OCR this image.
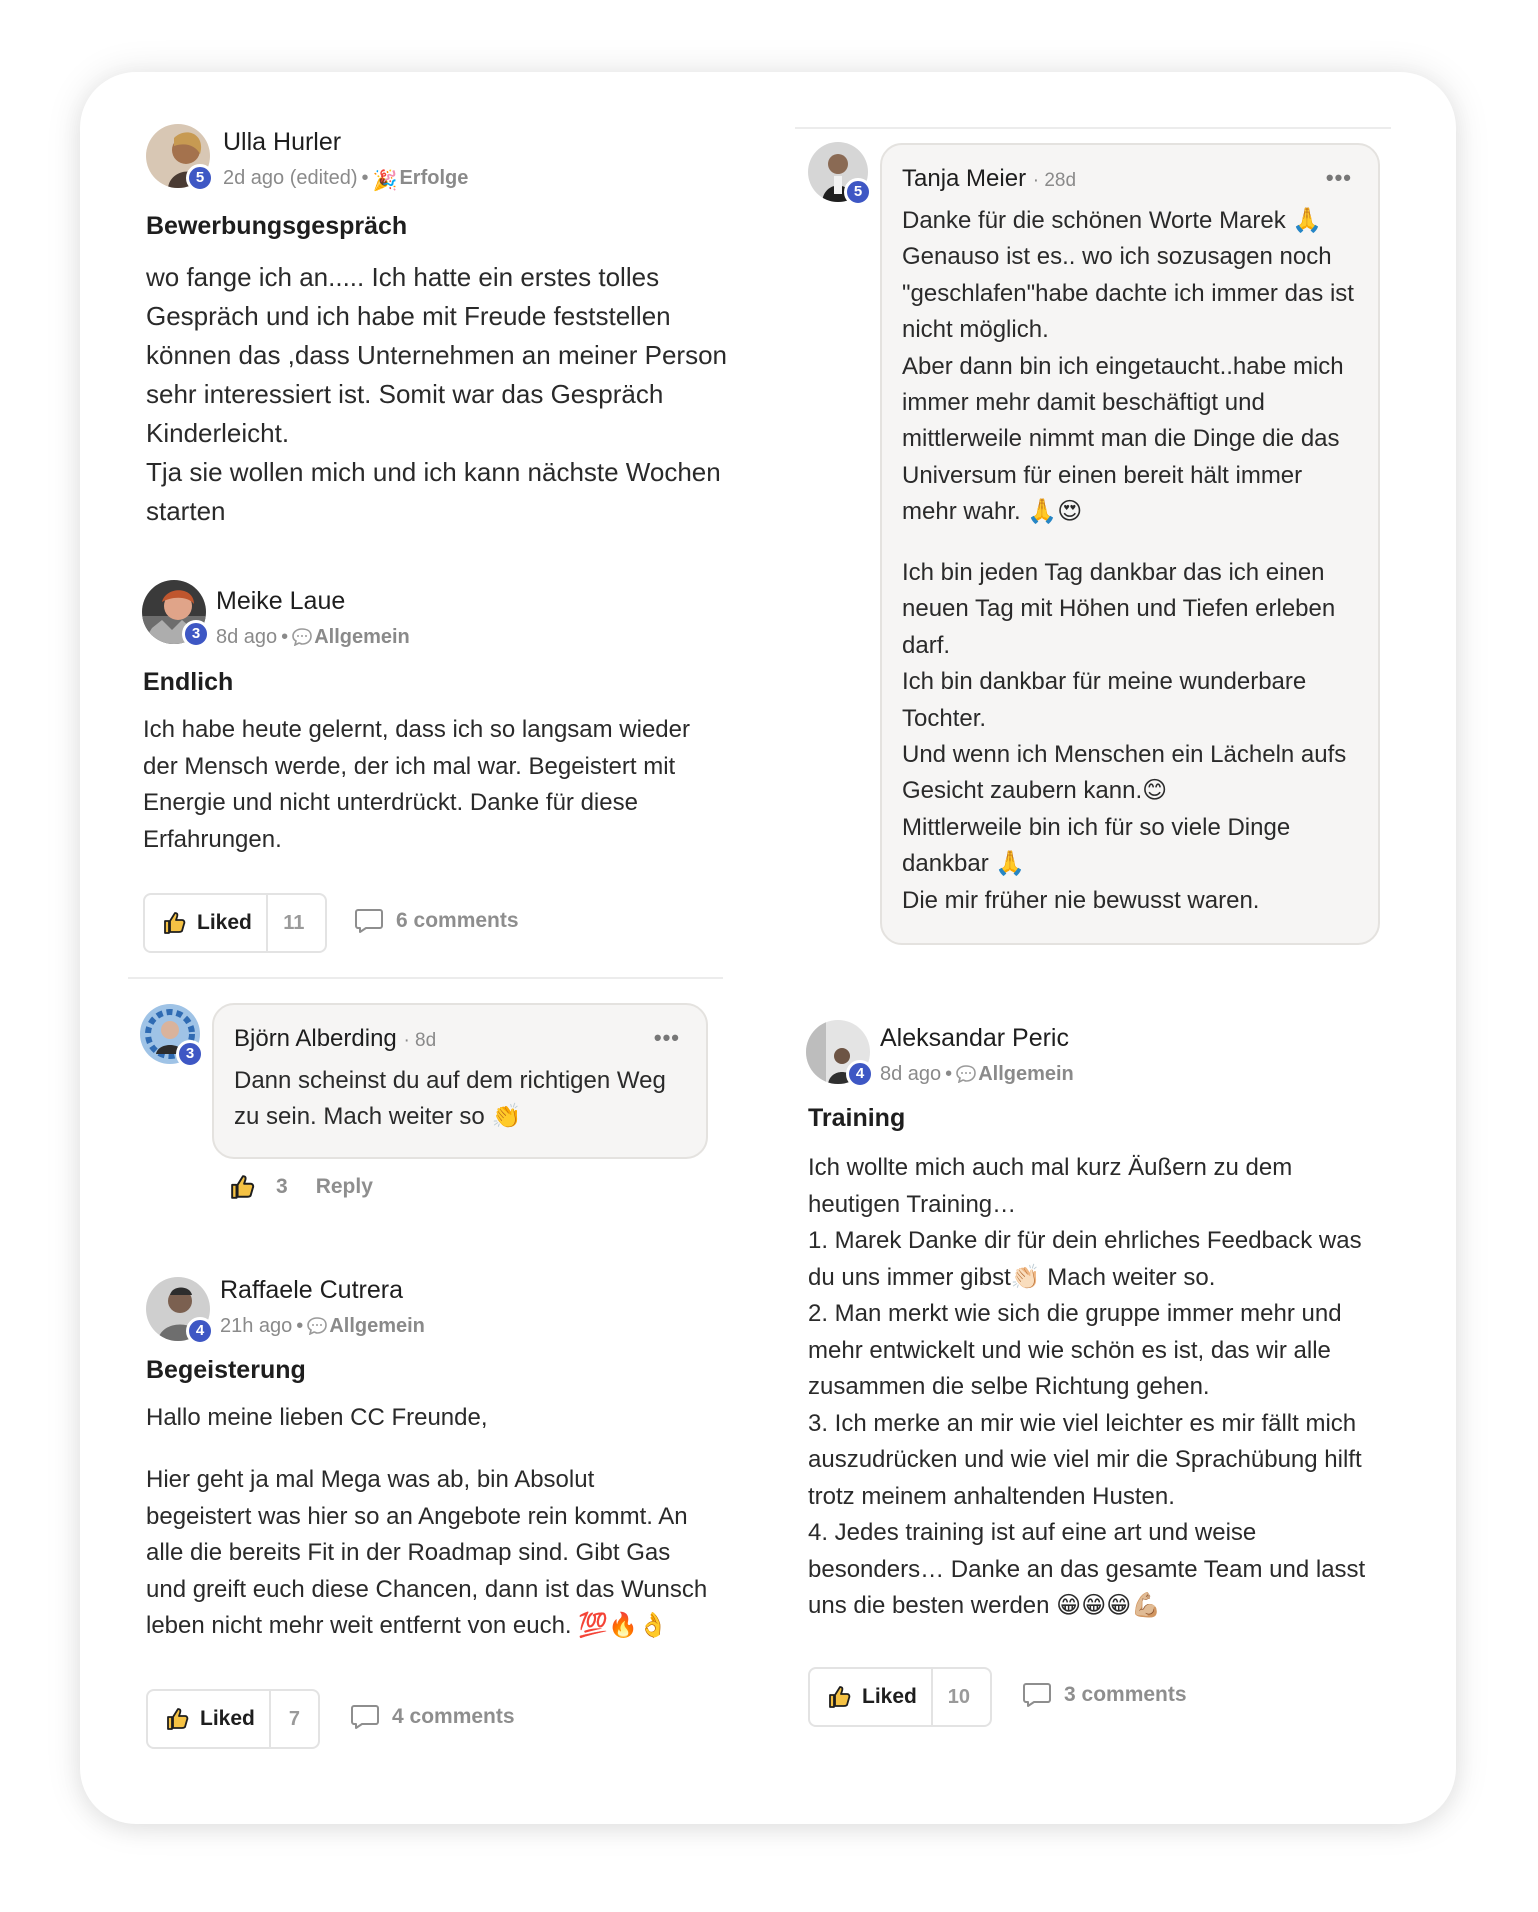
5
Ulla Hurler
2d ago (edited) • 🎉 Erfolge
Bewerbungsgespräch
wo fange ich an..... Ich hatte ein erstes tolles
Gespräch und ich habe mit Freude feststellen
können das ,dass Unternehmen an meiner Person
sehr interessiert ist. Somit war das Gespräch
Kinderleicht.
Tja sie wollen mich und ich kann nächste Wochen
starten
3
Meike Laue
8d ago • Allgemein
Endlich
Ich habe heute gelernt, dass ich so langsam wieder
der Mensch werde, der ich mal war. Begeistert mit
Energie und nicht unterdrückt. Danke für diese
Erfahrungen.
Liked	11	6 comments
3
Björn Alberding · 8d	•••
Dann scheinst du auf dem richtigen Weg
zu sein. Mach weiter so 👏
3 Reply
4
Raffaele Cutrera
21h ago • Allgemein
Begeisterung
Hallo meine lieben CC Freunde,
Hier geht ja mal Mega was ab, bin Absolut
begeistert was hier so an Angebote rein kommt. An
alle die bereits Fit in der Roadmap sind. Gibt Gas
und greift euch diese Chancen, dann ist das Wunsch
leben nicht mehr weit entfernt von euch. 💯🔥👌
Liked	7	4 comments
5	Tanja Meier · 28d	•••
Danke für die schönen Worte Marek 🙏
Genauso ist es.. wo ich sozusagen noch
"geschlafen"habe dachte ich immer das ist
nicht möglich.
Aber dann bin ich eingetaucht..habe mich
immer mehr damit beschäftigt und
mittlerweile nimmt man die Dinge die das
Universum für einen bereit hält immer
mehr wahr. 🙏😍
Ich bin jeden Tag dankbar das ich einen
neuen Tag mit Höhen und Tiefen erleben
darf.
Ich bin dankbar für meine wunderbare
Tochter.
Und wenn ich Menschen ein Lächeln aufs
Gesicht zaubern kann.😊
Mittlerweile bin ich für so viele Dinge
dankbar 🙏
Die mir früher nie bewusst waren.
4
Aleksandar Peric
8d ago • Allgemein
Training
Ich wollte mich auch mal kurz Äußern zu dem
heutigen Training…
1. Marek Danke dir für dein ehrliches Feedback was
du uns immer gibst👏🏻 Mach weiter so.
2. Man merkt wie sich die gruppe immer mehr und
mehr entwickelt und wie schön es ist, das wir alle
zusammen die selbe Richtung gehen.
3. Ich merke an mir wie viel leichter es mir fällt mich
auszudrücken und wie viel mir die Sprachübung hilft
trotz meinem anhaltenden Husten.
4. Jedes training ist auf eine art und weise
besonders… Danke an das gesamte Team und lasst
uns die besten werden 😁😁😁💪🏼
Liked	10	3 comments
